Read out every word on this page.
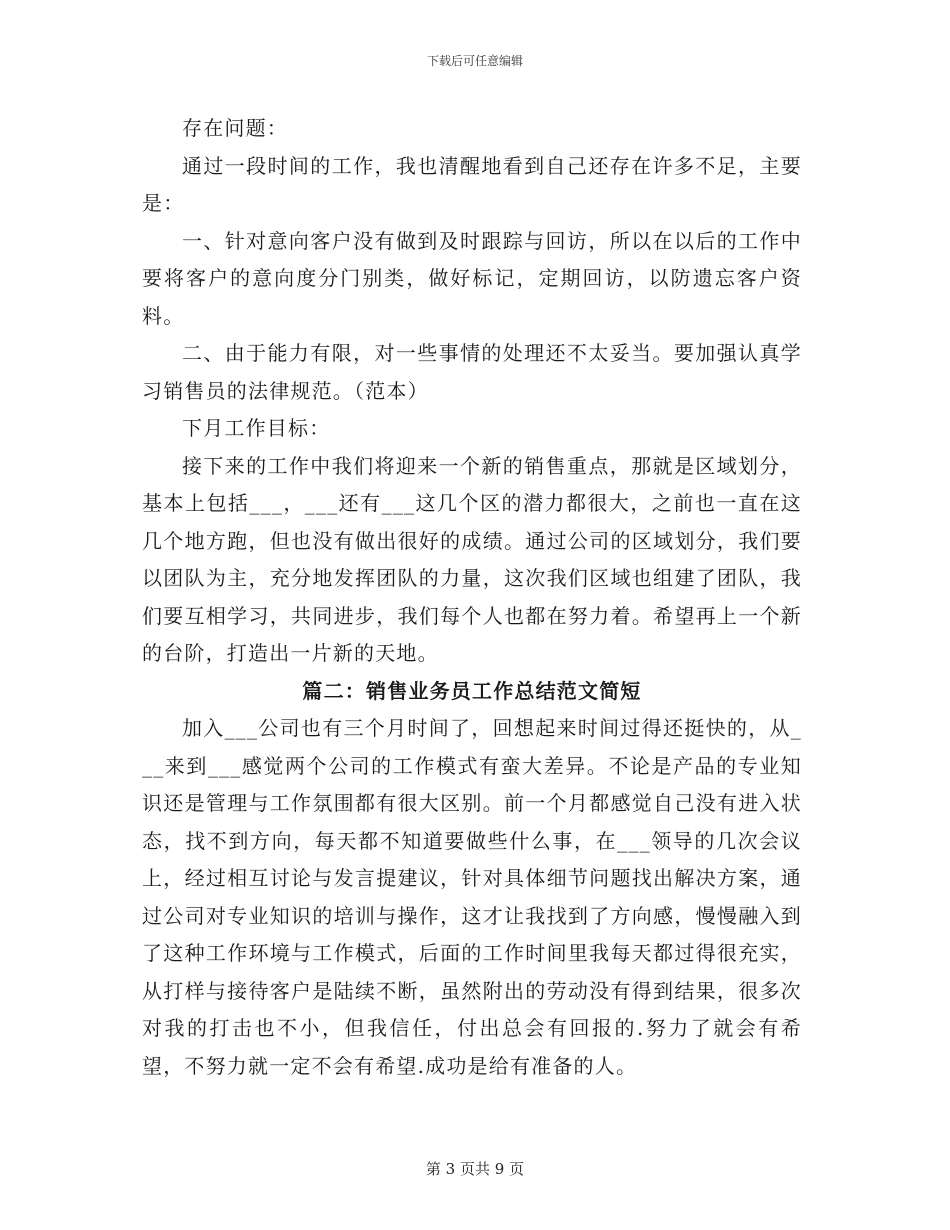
下载后可任意编辑

存在问题：

通过一段时间的工作，我也清醒地看到自己还存在许多不足，主要是：

一、针对意向客户没有做到及时跟踪与回访，所以在以后的工作中要将客户的意向度分门别类，做好标记，定期回访，以防遗忘客户资料。

二、由于能力有限，对一些事情的处理还不太妥当。要加强认真学习销售员的法律规范。（范本）

下月工作目标：

接下来的工作中我们将迎来一个新的销售重点，那就是区域划分，基本上包括___，___还有___这几个区的潜力都很大，之前也一直在这几个地方跑，但也没有做出很好的成绩。通过公司的区域划分，我们要以团队为主，充分地发挥团队的力量，这次我们区域也组建了团队，我们要互相学习，共同进步，我们每个人也都在努力着。希望再上一个新的台阶，打造出一片新的天地。

篇二：销售业务员工作总结范文简短

加入___公司也有三个月时间了，回想起来时间过得还挺快的，从___来到___感觉两个公司的工作模式有蛮大差异。不论是产品的专业知识还是管理与工作氛围都有很大区别。前一个月都感觉自己没有进入状态，找不到方向，每天都不知道要做些什么事，在___领导的几次会议上，经过相互讨论与发言提建议，针对具体细节问题找出解决方案，通过公司对专业知识的培训与操作，这才让我找到了方向感，慢慢融入到了这种工作环境与工作模式，后面的工作时间里我每天都过得很充实，从打样与接待客户是陆续不断，虽然附出的劳动没有得到结果，很多次对我的打击也不小，但我信任，付出总会有回报的.努力了就会有希望，不努力就一定不会有希望.成功是给有准备的人。

第 3 页共 9 页
